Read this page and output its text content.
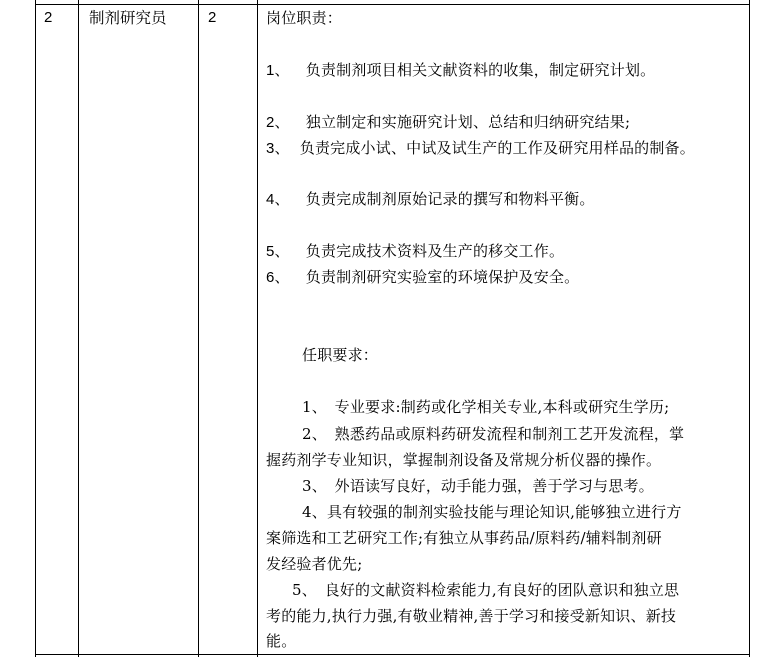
2 制剂研究员	2	岗位职责：
1、 负责制剂项目相关文献资料的收集，制定研究计划。
2、 独立制定和实施研究计划、总结和归纳研究结果;
3、 负责完成小试、中试及试生产的工作及研究用样品的制备。
4、 负责完成制剂原始记录的撰写和物料平衡。
5、 负责完成技术资料及生产的移交工作。
6、 负责制剂研究实验室的环境保护及安全。
任职要求：
1、　专业要求:制药或化学相关专业,本科或研究生学历;
2、　熟悉药品或原料药研发流程和制剂工艺开发流程，掌
握药剂学专业知识，掌握制剂设备及常规分析仪器的操作。
3、　外语读写良好，动手能力强，善于学习与思考。
4、具有较强的制剂实验技能与理论知识,能够独立进行方
案筛选和工艺研究工作;有独立从事药品/原料药/辅料制剂研
发经验者优先;
5、　良好的文献资料检索能力,有良好的团队意识和独立思
考的能力,执行力强,有敬业精神,善于学习和接受新知识、新技
能。
